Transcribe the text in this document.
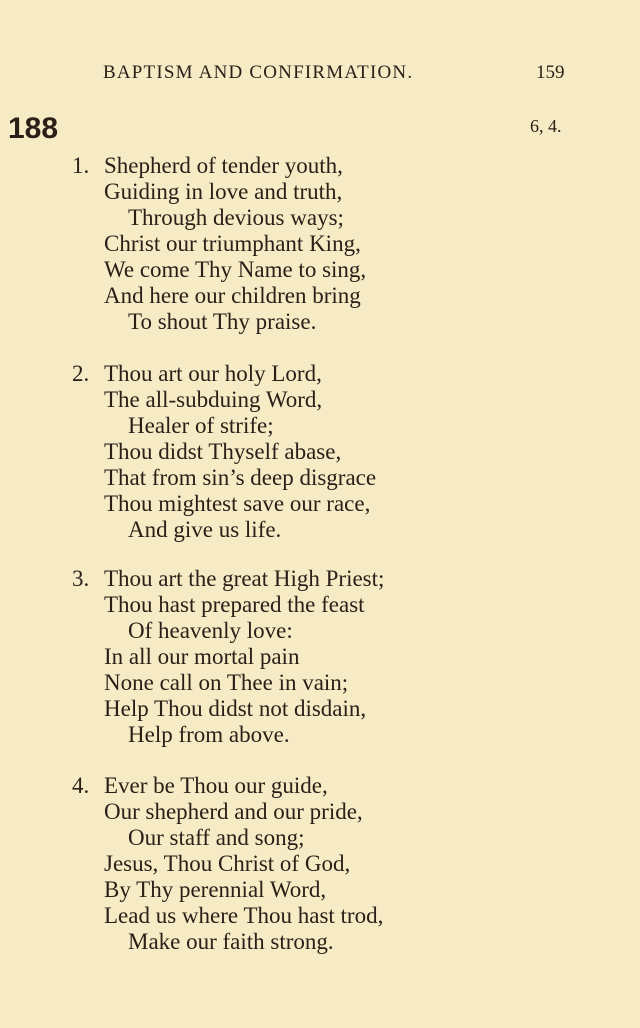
BAPTISM AND CONFIRMATION.	159
188	6, 4.
1. Shepherd of tender youth,
Guiding in love and truth,
Through devious ways;
Christ our triumphant King,
We come Thy Name to sing,
And here our children bring
To shout Thy praise.
2. Thou art our holy Lord,
The all-subduing Word,
Healer of strife;
Thou didst Thyself abase,
That from sin’s deep disgrace
Thou mightest save our race,
And give us life.
3. Thou art the great High Priest;
Thou hast prepared the feast
Of heavenly love:
In all our mortal pain
None call on Thee in vain;
Help Thou didst not disdain,
Help from above.
4. Ever be Thou our guide,
Our shepherd and our pride,
Our staff and song;
Jesus, Thou Christ of God,
By Thy perennial Word,
Lead us where Thou hast trod,
Make our faith strong.
